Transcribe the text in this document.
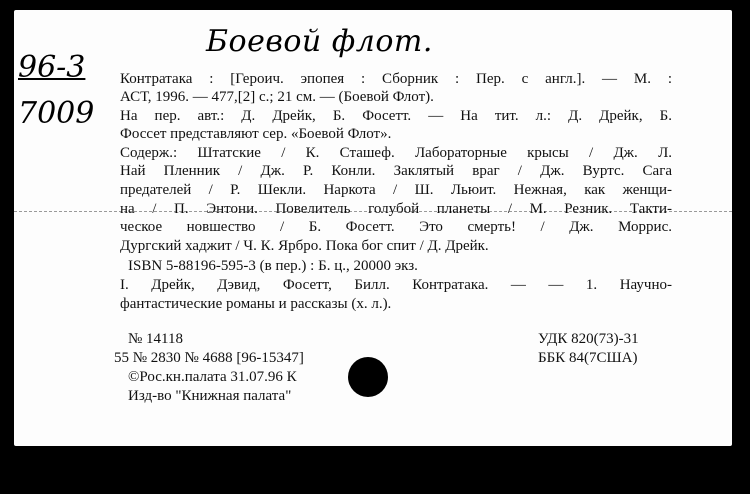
Боевой флот.
96-3
7009
Контратака : [Героич. эпопея : Сборник : Пер. с англ.]. — М. :
АСТ, 1996. — 477,[2] с.; 21 см. — (Боевой Флот).
На пер. авт.: Д. Дрейк, Б. Фосетт. — На тит. л.: Д. Дрейк, Б.
Фоссет представляют сер. «Боевой Флот».
Содерж.: Штатские / К. Сташеф. Лабораторные крысы / Дж. Л.
Най Пленник / Дж. Р. Конли. Заклятый враг / Дж. Вуртс. Сага
предателей / Р. Шекли. Наркота / Ш. Льюит. Нежная, как женщи-
на / П. Энтони. Повелитель голубой планеты / М. Резник. Такти-
ческое новшество / Б. Фосетт. Это смерть! / Дж. Моррис.
Дургский хаджит / Ч. К. Ярбро. Пока бог спит / Д. Дрейк.
ISBN 5-88196-595-3 (в пер.) : Б. ц., 20000 экз.
I. Дрейк, Дэвид, Фосетт, Билл. Контратака. — — 1. Научно-
фантастические романы и рассказы (х. л.).
№ 14118
55 № 2830 № 4688 [96-15347]
©Рос.кн.палата 31.07.96 К
Изд-во "Книжная палата"
УДК 820(73)-31
ББК 84(7США)
